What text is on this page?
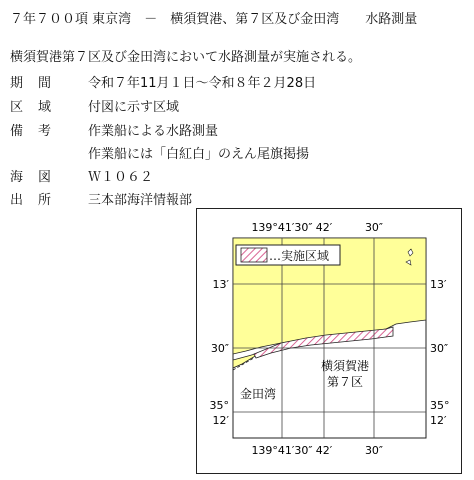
７年７００項 東京湾　 －　 横須賀港、第７区及び金田湾　　 水路測量
横須賀港第７区及び金田湾において水路測量が実施される。
期　間	令和７年11月１日～令和８年２月28日
区　域	付図に示す区域
備　考	作業船による水路測量
作業船には「白紅白」のえん尾旗掲揚
海　図	Ｗ１０６２
出　所	三本部海洋情報部
…実施区域
139°41′30″ 42′	30″
139°41′30″ 42′	30″
13′
30″
35°
12′
13′
30″
35°
12′
金田湾
横須賀港
第７区
